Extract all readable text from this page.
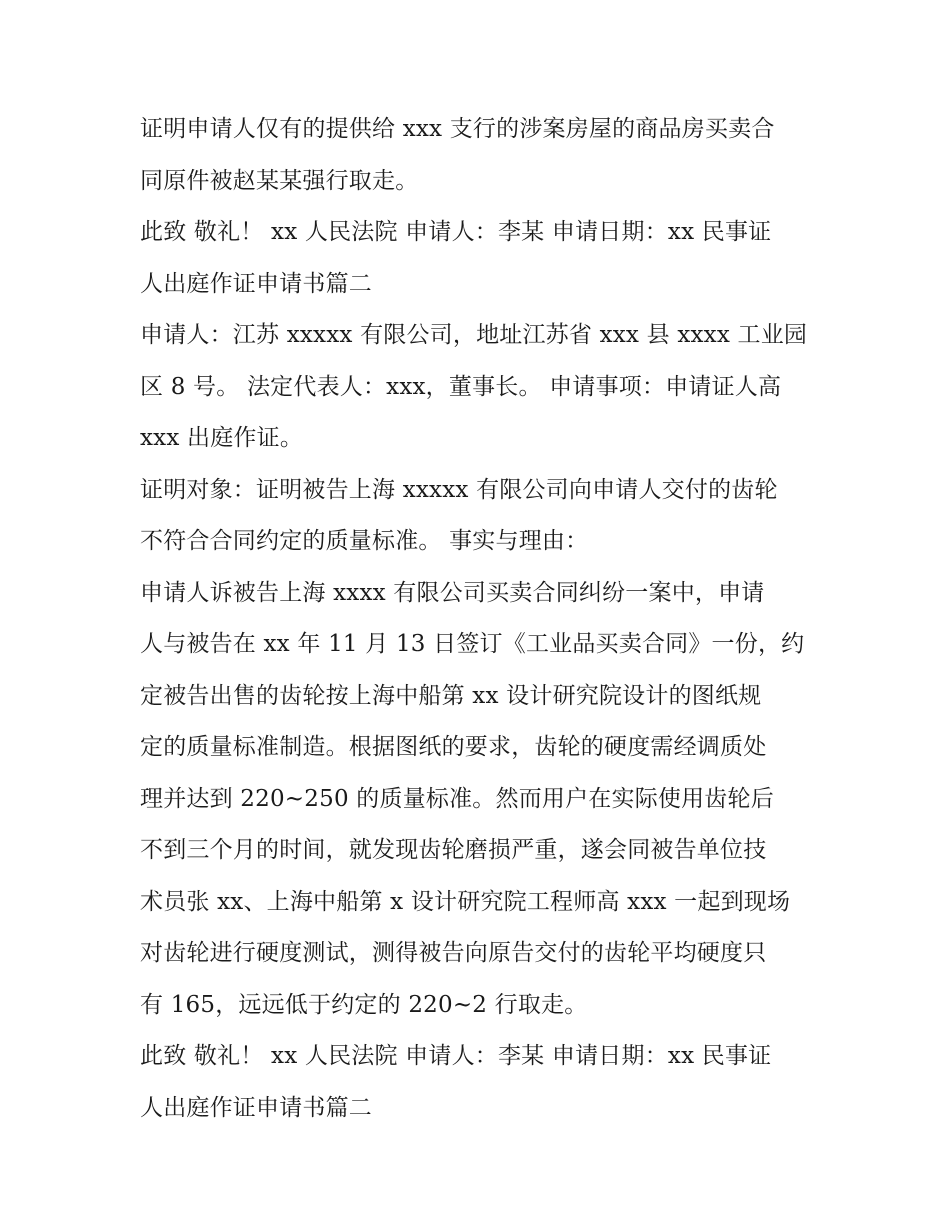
证明申请人仅有的提供给 xxx 支行的涉案房屋的商品房买卖合
同原件被赵某某强行取走。
此致 敬礼！ xx 人民法院 申请人：李某 申请日期：xx 民事证
人出庭作证申请书篇二
申请人：江苏 xxxxx 有限公司，地址江苏省 xxx 县 xxxx 工业园
区 8 号。 法定代表人：xxx，董事长。 申请事项：申请证人高
xxx 出庭作证。
证明对象：证明被告上海 xxxxx 有限公司向申请人交付的齿轮
不符合合同约定的质量标准。 事实与理由：
申请人诉被告上海 xxxx 有限公司买卖合同纠纷一案中，申请
人与被告在 xx 年 11 月 13 日签订《工业品买卖合同》一份，约
定被告出售的齿轮按上海中船第 xx 设计研究院设计的图纸规
定的质量标准制造。根据图纸的要求，齿轮的硬度需经调质处
理并达到 220~250 的质量标准。然而用户在实际使用齿轮后
不到三个月的时间，就发现齿轮磨损严重，遂会同被告单位技
术员张 xx、上海中船第 x 设计研究院工程师高 xxx 一起到现场
对齿轮进行硬度测试，测得被告向原告交付的齿轮平均硬度只
有 165，远远低于约定的 220~2 行取走。
此致 敬礼！ xx 人民法院 申请人：李某 申请日期：xx 民事证
人出庭作证申请书篇二
